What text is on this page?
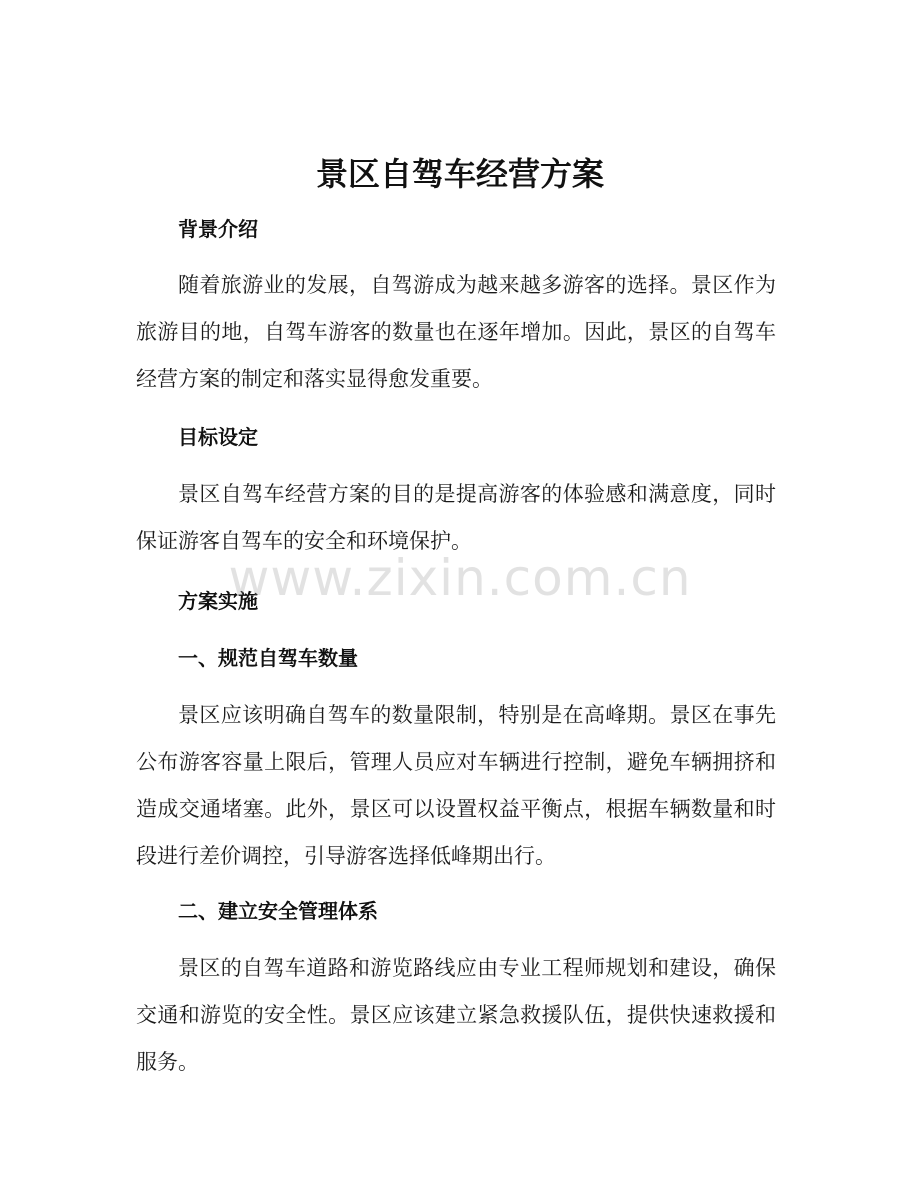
景区自驾车经营方案
背景介绍
随着旅游业的发展，自驾游成为越来越多游客的选择。景区作为旅游目的地，自驾车游客的数量也在逐年增加。因此，景区的自驾车经营方案的制定和落实显得愈发重要。
目标设定
景区自驾车经营方案的目的是提高游客的体验感和满意度，同时保证游客自驾车的安全和环境保护。
方案实施
一、规范自驾车数量
景区应该明确自驾车的数量限制，特别是在高峰期。景区在事先公布游客容量上限后，管理人员应对车辆进行控制，避免车辆拥挤和造成交通堵塞。此外，景区可以设置权益平衡点，根据车辆数量和时段进行差价调控，引导游客选择低峰期出行。
二、建立安全管理体系
景区的自驾车道路和游览路线应由专业工程师规划和建设，确保交通和游览的安全性。景区应该建立紧急救援队伍，提供快速救援和服务。
www.zixin.com.cn
